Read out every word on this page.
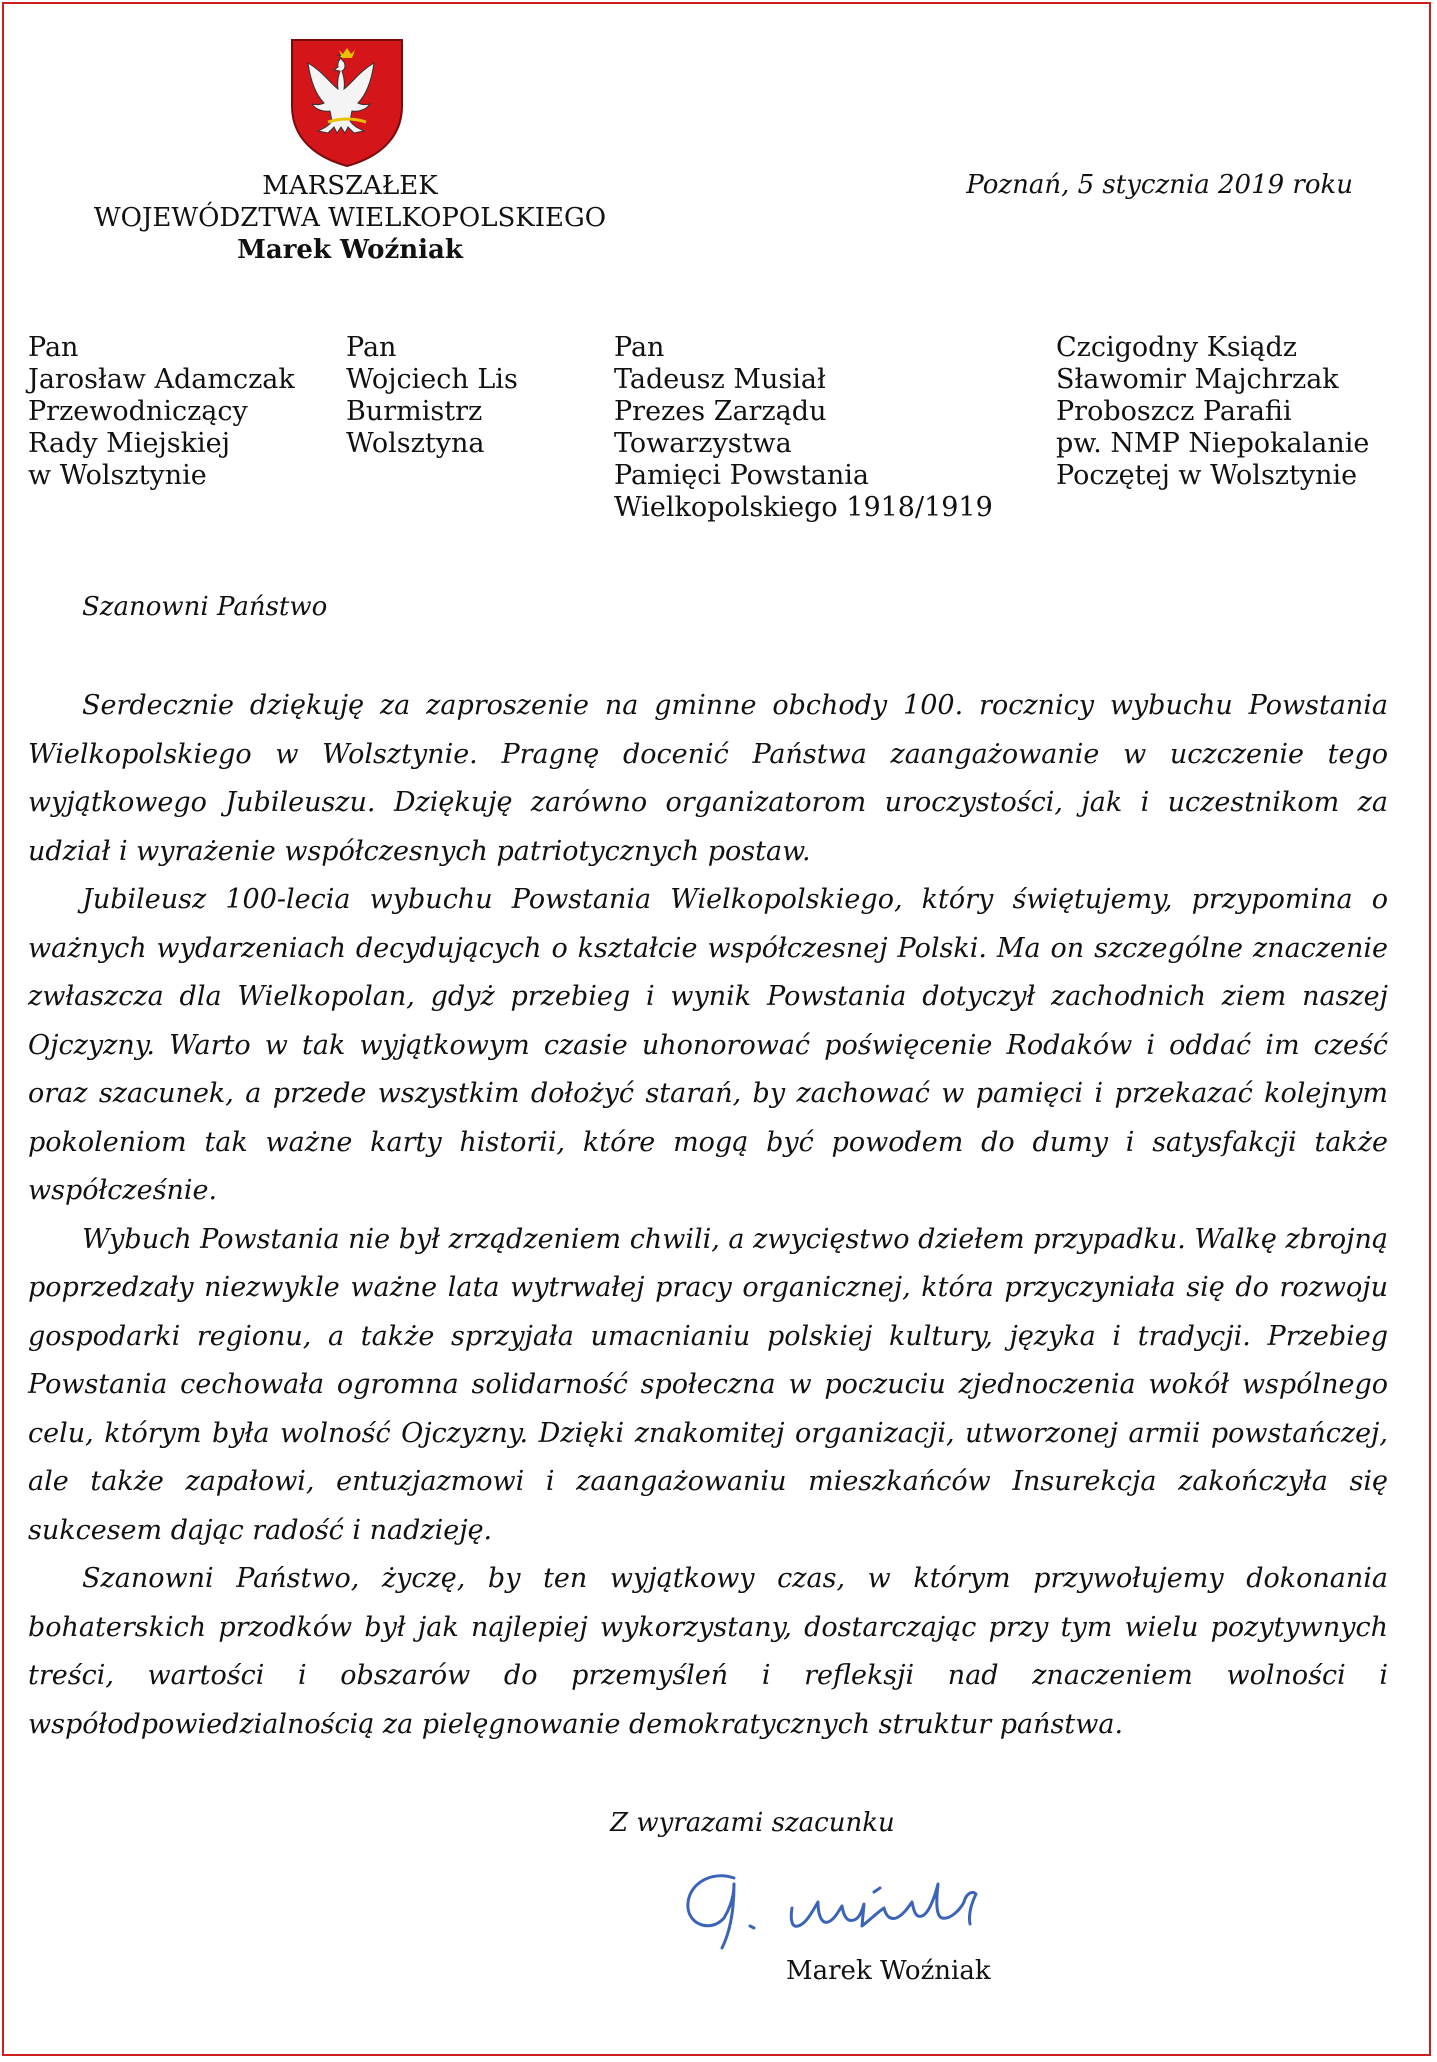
MARSZAŁEK
WOJEWÓDZTWA WIELKOPOLSKIEGO
Marek Woźniak
Poznań, 5 stycznia 2019 roku
Pan
Jarosław Adamczak
Przewodniczący
Rady Miejskiej
w Wolsztynie
Pan
Wojciech Lis
Burmistrz
Wolsztyna
Pan
Tadeusz Musiał
Prezes Zarządu
Towarzystwa
Pamięci Powstania
Wielkopolskiego 1918/1919
Czcigodny Ksiądz
Sławomir Majchrzak
Proboszcz Parafii
pw. NMP Niepokalanie
Poczętej w Wolsztynie
Szanowni Państwo

Serdecznie dziękuję za zaproszenie na gminne obchody 100. rocznicy wybuchu Powstania Wielkopolskiego w Wolsztynie. Pragnę docenić Państwa zaangażowanie w uczczenie tego wyjątkowego Jubileuszu. Dziękuję zarówno organizatorom uroczystości, jak i uczestnikom za udział i wyrażenie współczesnych patriotycznych postaw.

Jubileusz 100-lecia wybuchu Powstania Wielkopolskiego, który świętujemy, przypomina o ważnych wydarzeniach decydujących o kształcie współczesnej Polski. Ma on szczególne znaczenie zwłaszcza dla Wielkopolan, gdyż przebieg i wynik Powstania dotyczył zachodnich ziem naszej Ojczyzny. Warto w tak wyjątkowym czasie uhonorować poświęcenie Rodaków i oddać im cześć oraz szacunek, a przede wszystkim dołożyć starań, by zachować w pamięci i przekazać kolejnym pokoleniom tak ważne karty historii, które mogą być powodem do dumy i satysfakcji także współcześnie.

Wybuch Powstania nie był zrządzeniem chwili, a zwycięstwo dziełem przypadku. Walkę zbrojną poprzedzały niezwykle ważne lata wytrwałej pracy organicznej, która przyczyniała się do rozwoju gospodarki regionu, a także sprzyjała umacnianiu polskiej kultury, języka i tradycji. Przebieg Powstania cechowała ogromna solidarność społeczna w poczuciu zjednoczenia wokół wspólnego celu, którym była wolność Ojczyzny. Dzięki znakomitej organizacji, utworzonej armii powstańczej, ale także zapałowi, entuzjazmowi i zaangażowaniu mieszkańców Insurekcja zakończyła się sukcesem dając radość i nadzieję.

Szanowni Państwo, życzę, by ten wyjątkowy czas, w którym przywołujemy dokonania bohaterskich przodków był jak najlepiej wykorzystany, dostarczając przy tym wielu pozytywnych treści, wartości i obszarów do przemyśleń i refleksji nad znaczeniem wolności i współodpowiedzialnością za pielęgnowanie demokratycznych struktur państwa.

Z wyrazami szacunku
Marek Woźniak
